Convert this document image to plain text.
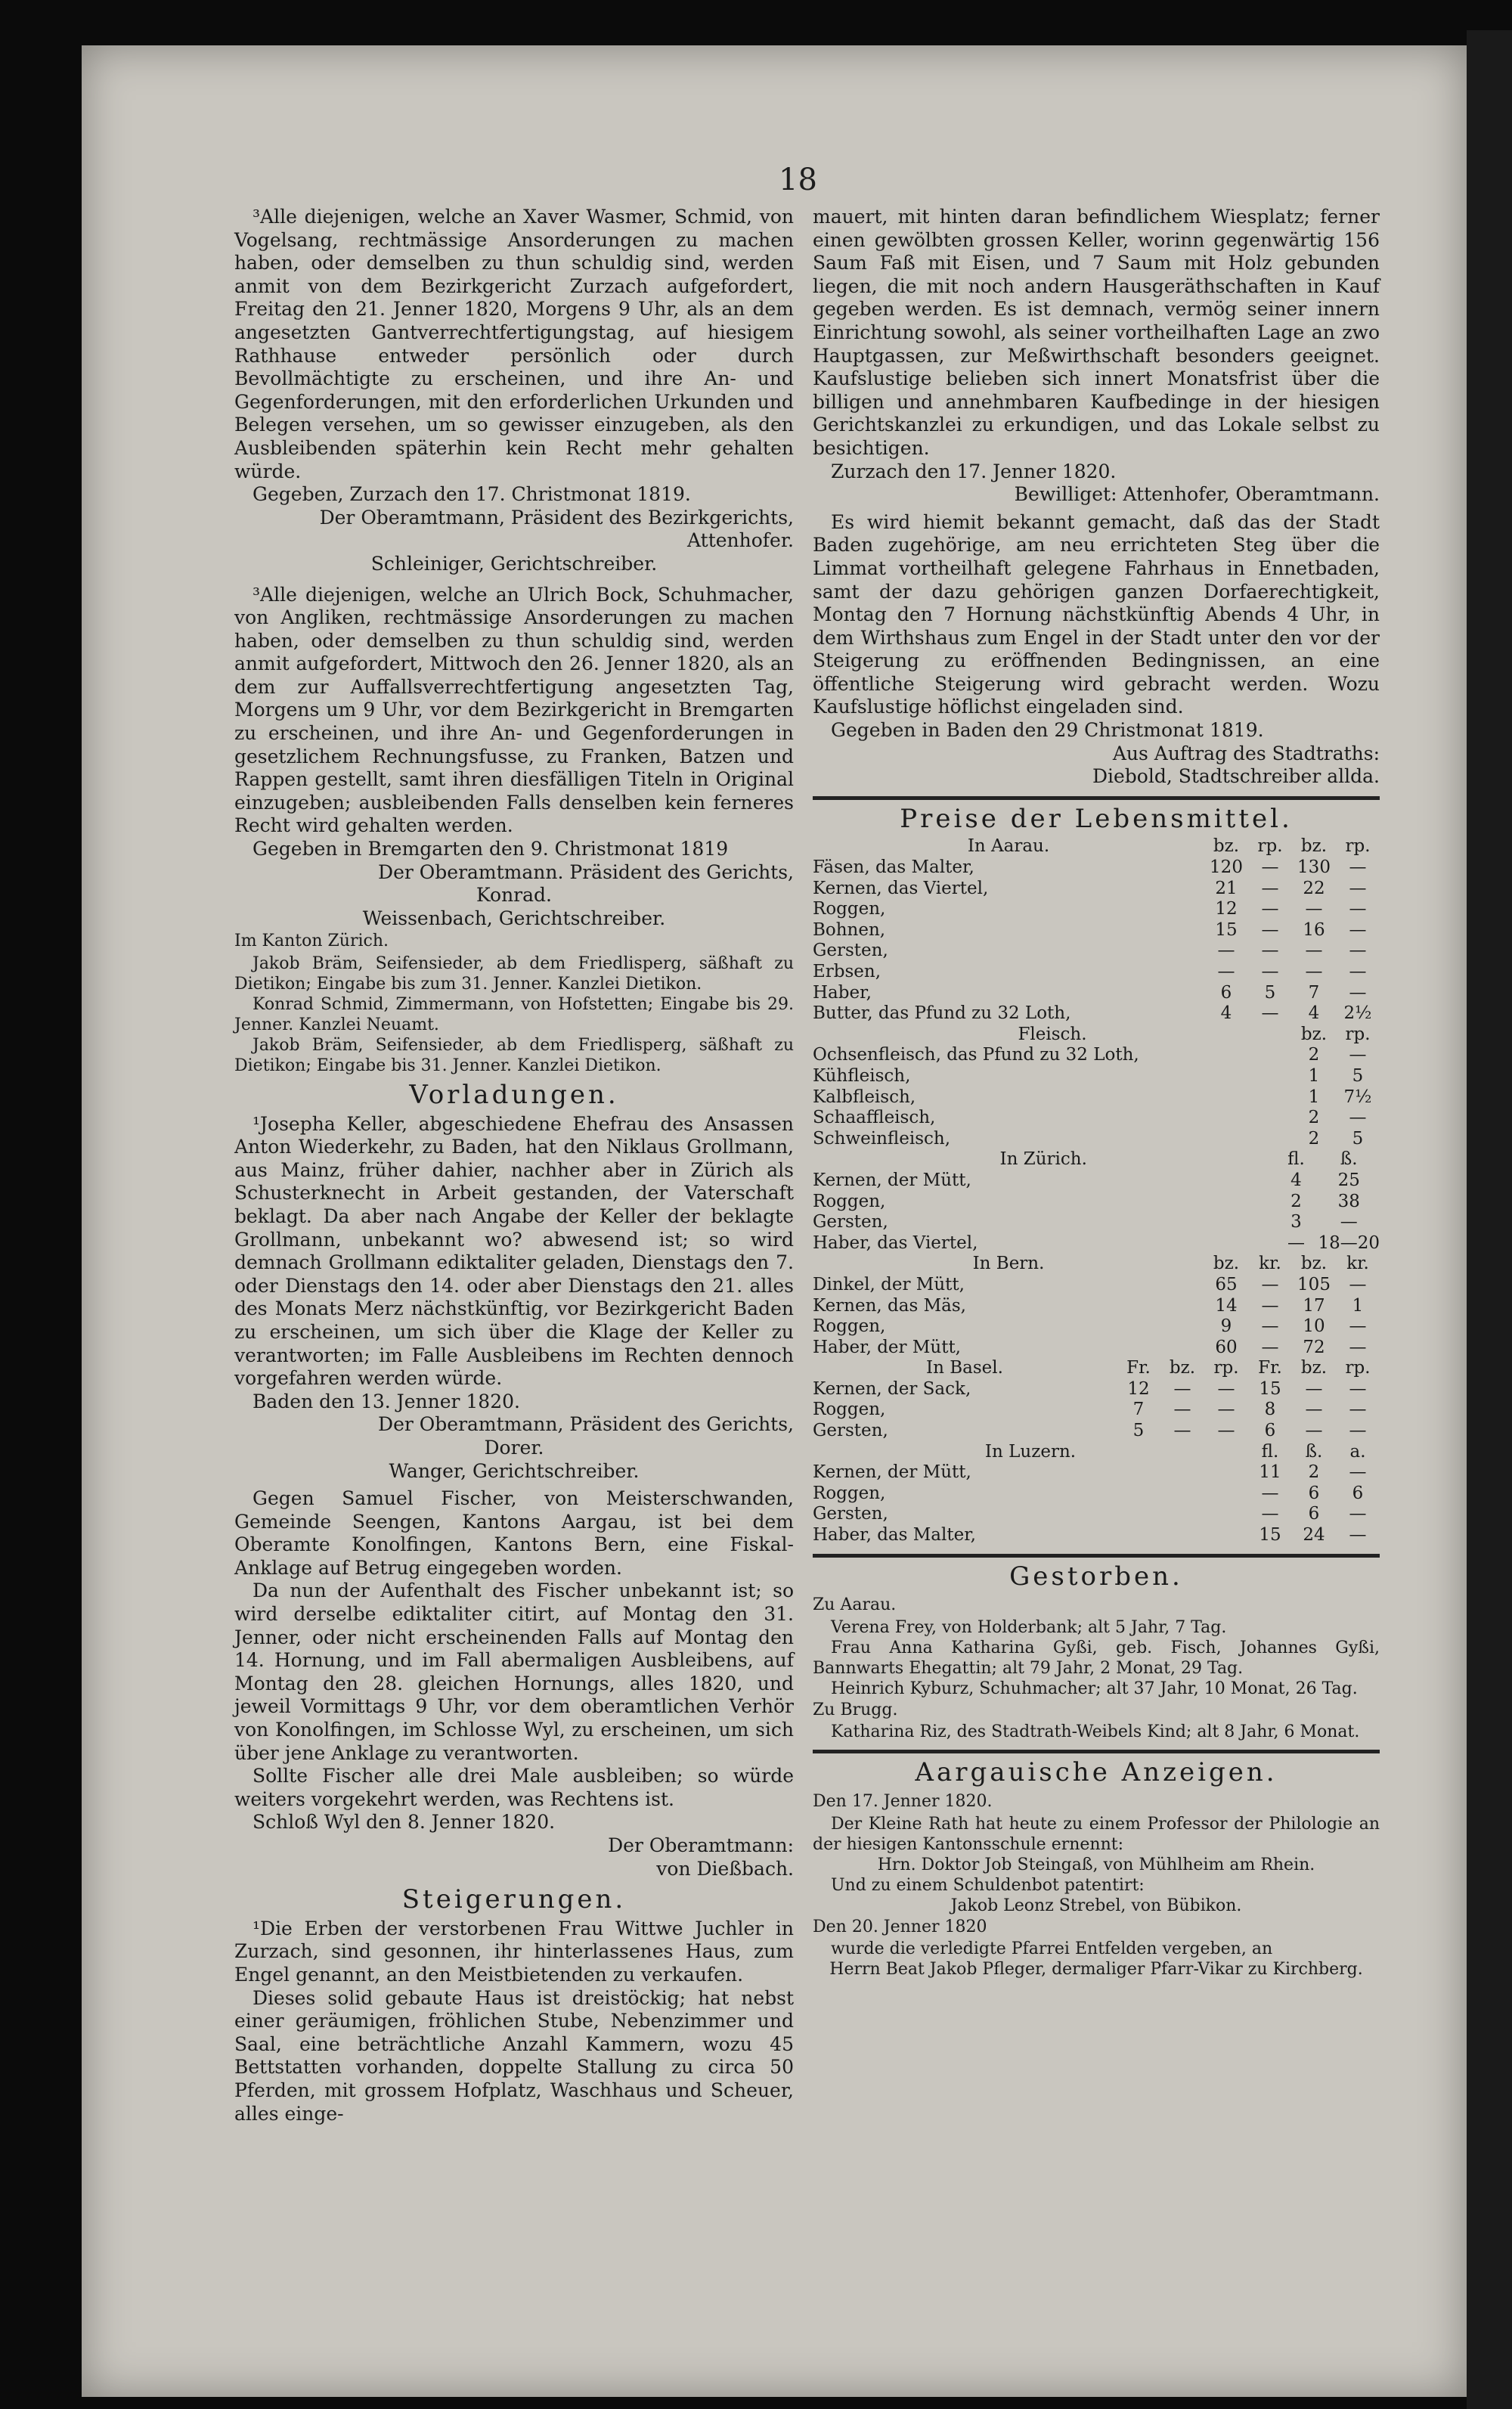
18

³Alle diejenigen, welche an Xaver Wasmer, Schmid, von Vogelsang, rechtmässige Ansorderungen zu machen haben, oder demselben zu thun schuldig sind, werden anmit von dem Bezirkgericht Zurzach aufgefordert, Freitag den 21. Jenner 1820, Morgens 9 Uhr, als an dem angesetzten Gantverrechtfertigungstag, auf hiesigem Rathhause entweder persönlich oder durch Bevollmächtigte zu erscheinen, und ihre An- und Gegenforderungen, mit den erforderlichen Urkunden und Belegen versehen, um so gewisser einzugeben, als den Ausbleibenden späterhin kein Recht mehr gehalten würde.

Gegeben, Zurzach den 17. Christmonat 1819.

Der Oberamtmann, Präsident des Bezirkgerichts,

Attenhofer.

Schleiniger, Gerichtschreiber.

³Alle diejenigen, welche an Ulrich Bock, Schuhmacher, von Angliken, rechtmässige Ansorderungen zu machen haben, oder demselben zu thun schuldig sind, werden anmit aufgefordert, Mittwoch den 26. Jenner 1820, als an dem zur Auffallsverrechtfertigung angesetzten Tag, Morgens um 9 Uhr, vor dem Bezirkgericht in Bremgarten zu erscheinen, und ihre An- und Gegenforderungen in gesetzlichem Rechnungsfusse, zu Franken, Batzen und Rappen gestellt, samt ihren diesfälligen Titeln in Original einzugeben; ausbleibenden Falls denselben kein ferneres Recht wird gehalten werden.

Gegeben in Bremgarten den 9. Christmonat 1819

Der Oberamtmann. Präsident des Gerichts,

Konrad.

Weissenbach, Gerichtschreiber.

Im Kanton Zürich.

Jakob Bräm, Seifensieder, ab dem Friedlisperg, säßhaft zu Dietikon; Eingabe bis zum 31. Jenner. Kanzlei Dietikon.

Konrad Schmid, Zimmermann, von Hofstetten; Eingabe bis 29. Jenner. Kanzlei Neuamt.

Jakob Bräm, Seifensieder, ab dem Friedlisperg, säßhaft zu Dietikon; Eingabe bis 31. Jenner. Kanzlei Dietikon.

Vorladungen.

¹Josepha Keller, abgeschiedene Ehefrau des Ansassen Anton Wiederkehr, zu Baden, hat den Niklaus Grollmann, aus Mainz, früher dahier, nachher aber in Zürich als Schusterknecht in Arbeit gestanden, der Vaterschaft beklagt. Da aber nach Angabe der Keller der beklagte Grollmann, unbekannt wo? abwesend ist; so wird demnach Grollmann ediktaliter geladen, Dienstags den 7. oder Dienstags den 14. oder aber Dienstags den 21. alles des Monats Merz nächstkünftig, vor Bezirkgericht Baden zu erscheinen, um sich über die Klage der Keller zu verantworten; im Falle Ausbleibens im Rechten dennoch vorgefahren werden würde.

Baden den 13. Jenner 1820.

Der Oberamtmann, Präsident des Gerichts,

Dorer.

Wanger, Gerichtschreiber.

Gegen Samuel Fischer, von Meisterschwanden, Gemeinde Seengen, Kantons Aargau, ist bei dem Oberamte Konolfingen, Kantons Bern, eine Fiskal-Anklage auf Betrug eingegeben worden.

Da nun der Aufenthalt des Fischer unbekannt ist; so wird derselbe ediktaliter citirt, auf Montag den 31. Jenner, oder nicht erscheinenden Falls auf Montag den 14. Hornung, und im Fall abermaligen Ausbleibens, auf Montag den 28. gleichen Hornungs, alles 1820, und jeweil Vormittags 9 Uhr, vor dem oberamtlichen Verhör von Konolfingen, im Schlosse Wyl, zu erscheinen, um sich über jene Anklage zu verantworten.

Sollte Fischer alle drei Male ausbleiben; so würde weiters vorgekehrt werden, was Rechtens ist.

Schloß Wyl den 8. Jenner 1820.

Der Oberamtmann:

von Dießbach.

Steigerungen.

¹Die Erben der verstorbenen Frau Wittwe Juchler in Zurzach, sind gesonnen, ihr hinterlassenes Haus, zum Engel genannt, an den Meistbietenden zu verkaufen.

Dieses solid gebaute Haus ist dreistöckig; hat nebst einer geräumigen, fröhlichen Stube, Nebenzimmer und Saal, eine beträchtliche Anzahl Kammern, wozu 45 Bettstatten vorhanden, doppelte Stallung zu circa 50 Pferden, mit grossem Hofplatz, Waschhaus und Scheuer, alles einge-

mauert, mit hinten daran befindlichem Wiesplatz; ferner einen gewölbten grossen Keller, worinn gegenwärtig 156 Saum Faß mit Eisen, und 7 Saum mit Holz gebunden liegen, die mit noch andern Hausgeräthschaften in Kauf gegeben werden. Es ist demnach, vermög seiner innern Einrichtung sowohl, als seiner vortheilhaften Lage an zwo Hauptgassen, zur Meßwirthschaft besonders geeignet. Kaufslustige belieben sich innert Monatsfrist über die billigen und annehmbaren Kaufbedinge in der hiesigen Gerichtskanzlei zu erkundigen, und das Lokale selbst zu besichtigen.

Zurzach den 17. Jenner 1820.

Bewilliget: Attenhofer, Oberamtmann.

Es wird hiemit bekannt gemacht, daß das der Stadt Baden zugehörige, am neu errichteten Steg über die Limmat vortheilhaft gelegene Fahrhaus in Ennetbaden, samt der dazu gehörigen ganzen Dorfaerechtigkeit, Montag den 7 Hornung nächstkünftig Abends 4 Uhr, in dem Wirthshaus zum Engel in der Stadt unter den vor der Steigerung zu eröffnenden Bedingnissen, an eine öffentliche Steigerung wird gebracht werden. Wozu Kaufslustige höflichst eingeladen sind.

Gegeben in Baden den 29 Christmonat 1819.

Aus Auftrag des Stadtraths:

Diebold, Stadtschreiber allda.

Preise der Lebensmittel.
In Aarau.	bz.	rp.	bz.	rp.
Fäsen, das Malter,	120	—	130	—
Kernen, das Viertel,	21	—	22	—
Roggen,	12	—	—	—
Bohnen,	15	—	16	—
Gersten,	—	—	—	—
Erbsen,	—	—	—	—
Haber,	6	5	7	—
Butter, das Pfund zu 32 Loth,	4	—	4	2½
Fleisch.	bz.	rp.
Ochsenfleisch, das Pfund zu 32 Loth,	2	—
Kühfleisch,	1	5
Kalbfleisch,	1	7½
Schaaffleisch,	2	—
Schweinfleisch,	2	5
In Zürich.	fl.	ß.
Kernen, der Mütt,	4	25
Roggen,	2	38
Gersten,	3	—
Haber, das Viertel,	—	18—20
In Bern.	bz.	kr.	bz.	kr.
Dinkel, der Mütt,	65	—	105	—
Kernen, das Mäs,	14	—	17	1
Roggen,	9	—	10	—
Haber, der Mütt,	60	—	72	—
In Basel.	Fr.	bz.	rp.	Fr.	bz.	rp.
Kernen, der Sack,	12	—	—	15	—	—
Roggen,	7	—	—	8	—	—
Gersten,	5	—	—	6	—	—
In Luzern.	fl.	ß.	a.
Kernen, der Mütt,	11	2	—
Roggen,	—	6	6
Gersten,	—	6	—
Haber, das Malter,	15	24	—
Gestorben.

Zu Aarau.

Verena Frey, von Holderbank; alt 5 Jahr, 7 Tag.

Frau Anna Katharina Gyßi, geb. Fisch, Johannes Gyßi, Bannwarts Ehegattin; alt 79 Jahr, 2 Monat, 29 Tag.

Heinrich Kyburz, Schuhmacher; alt 37 Jahr, 10 Monat, 26 Tag.

Zu Brugg.

Katharina Riz, des Stadtrath-Weibels Kind; alt 8 Jahr, 6 Monat.

Aargauische Anzeigen.

Den 17. Jenner 1820.

Der Kleine Rath hat heute zu einem Professor der Philologie an der hiesigen Kantonsschule ernennt:

Hrn. Doktor Job Steingaß, von Mühlheim am Rhein.

Und zu einem Schuldenbot patentirt:

Jakob Leonz Strebel, von Bübikon.

Den 20. Jenner 1820

wurde die verledigte Pfarrei Entfelden vergeben, an

Herrn Beat Jakob Pfleger, dermaliger Pfarr-Vikar zu Kirchberg.
